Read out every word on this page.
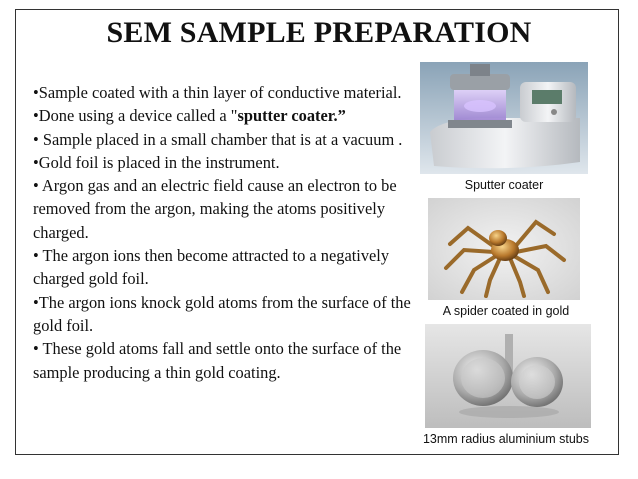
SEM SAMPLE PREPARATION

•Sample coated with a thin layer of conductive material.

•Done using a device called a "sputter coater.”

• Sample placed in a small chamber that is at a vacuum .

•Gold foil is placed in the instrument.

• Argon gas and an electric field cause an electron to be removed from the argon, making the atoms positively charged.

• The argon ions then become attracted to a negatively charged gold foil.

•The argon ions knock gold atoms from the surface of the gold foil.

• These gold atoms fall and settle onto the surface of the sample producing a thin gold coating.

Sputter coater
A spider coated in gold
13mm radius aluminium stubs
